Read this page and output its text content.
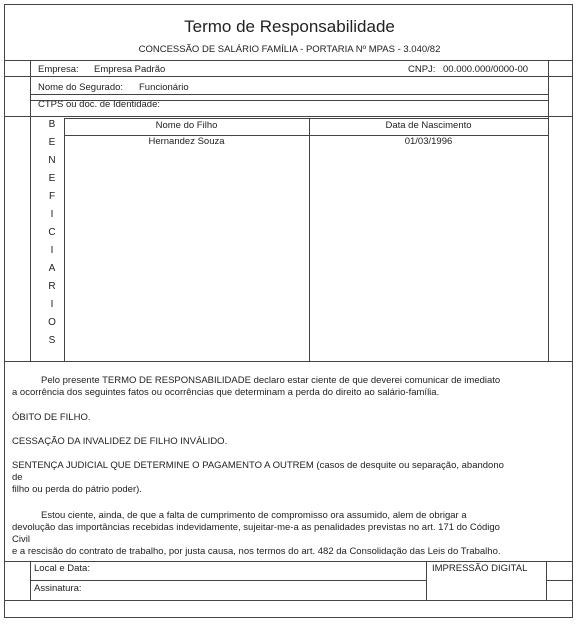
Termo de Responsabilidade
CONCESSÃO DE SALÁRIO FAMÍLIA - PORTARIA Nº MPAS - 3.040/82
Empresa: Empresa Padrão	CNPJ: 00.000.000/0000-00
Nome do Segurado: Funcionário
CTPS ou doc. de Identidade:
Nome do Filho	Data de Nascimento
Hernandez Souza	01/03/1996
B
E
N
E
F
I
C
I
A
R
I
O
S
Pelo presente TERMO DE RESPONSABILIDADE declaro estar ciente de que deverei comunicar de imediato
a ocorrência dos seguintes fatos ou ocorrências que determinam a perda do direito ao salário-família.
ÓBITO DE FILHO.
CESSAÇÃO DA INVALIDEZ DE FILHO INVÁLIDO.
SENTENÇA JUDICIAL QUE DETERMINE O PAGAMENTO A OUTREM (casos de desquite ou separação, abandono
de
filho ou perda do pátrio poder).
Estou ciente, ainda, de que a falta de cumprimento de compromisso ora assumido, alem de obrigar a
devolução das importâncias recebidas indevidamente, sujeitar-me-a as penalidades previstas no art. 171 do Código
Civil
e a rescisão do contrato de trabalho, por justa causa, nos termos do art. 482 da Consolidação das Leis do Trabalho.
Local e Data:	IMPRESSÃO DIGITAL
Assinatura:
